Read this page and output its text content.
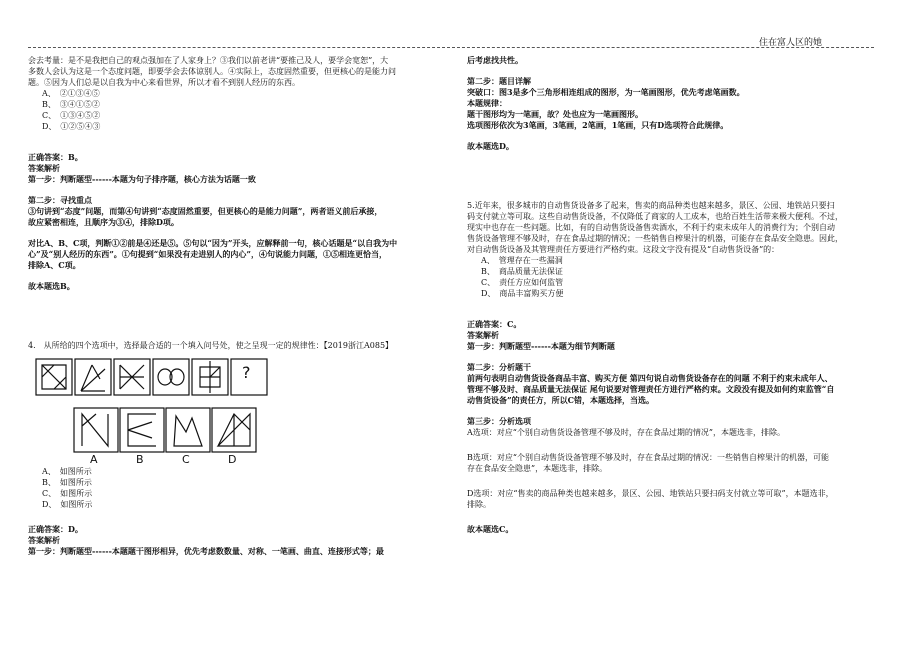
住在富人区的她

会去考量：是不是我把自己的观点强加在了人家身上？③我们以前老讲“要推己及人，要学会宽恕”，大

多数人会认为这是一个态度问题，即要学会去体谅别人。④实际上，态度固然重要，但更核心的是能力问

题。⑤因为人们总是以自我为中心来看世界，所以才看不到别人经历的东西。

A、　②①③④⑤

B、　③④①⑤②

C、　①③④⑤②

D、　①②⑤④③

正确答案：B。

答案解析

第一步：判断题型------本题为句子排序题，核心方法为话题一致

第二步：寻找重点

③句讲到“态度”问题，而第④句讲到“态度固然重要，但更核心的是能力问题”，两者语义前后承接，

故应紧密相连，且顺序为③④，排除D项。

对比A、B、C项，判断①②前是④还是⑤。⑤句以“因为”开头，应解释前一句，核心话题是“以自我为中

心”及“别人经历的东西”。①句提到“如果没有走进别人的内心”，④句说能力问题，①⑤相连更恰当，

排除A、C项。

故本题选B。

4.　从所给的四个选项中，选择最合适的一个填入问号处，使之呈现一定的规律性：【2019浙江A085】

?
A	B	C	D

A、　如图所示

B、　如图所示

C、　如图所示

D、　如图所示

正确答案：D。

答案解析

第一步：判断题型------本题题干图形相异，优先考虑数数量、对称、一笔画、曲直、连接形式等；最

后考虑找共性。

第二步：题目详解

突破口：图3是多个三角形相连组成的图形，为一笔画图形，优先考虑笔画数。

本题规律：

题干图形均为一笔画，故？处也应为一笔画图形。

选项图形依次为3笔画，3笔画，2笔画，1笔画，只有D选项符合此规律。

故本题选D。

5.近年来，很多城市的自动售货设备多了起来，售卖的商品种类也越来越多，景区、公园、地铁站只要扫

码支付就立等可取。这些自动售货设备，不仅降低了商家的人工成本，也给百姓生活带来极大便利。不过，

现实中也存在一些问题。比如，有的自动售货设备售卖酒水，不利于约束未成年人的消费行为；个别自动

售货设备管理不够及时，存在食品过期的情况；一些销售自榨果汁的机器，可能存在食品安全隐患。因此，

对自动售货设备及其管理责任方要进行严格约束。这段文字没有提及“自动售货设备”的：

A、　管理存在一些漏洞

B、　商品质量无法保证

C、　责任方应如何监管

D、　商品丰富购买方便

正确答案：C。

答案解析

第一步：判断题型------本题为细节判断题

第二步：分析题干

前两句表明自动售货设备商品丰富、购买方便 第四句说自动售货设备存在的问题 不利于约束未成年人、

管理不够及时、商品质量无法保证 尾句说要对管理责任方进行严格约束。文段没有提及如何约束监管“自

动售货设备”的责任方，所以C错，本题选择，当选。

第三步：分析选项

A选项：对应“个别自动售货设备管理不够及时，存在食品过期的情况”，本题选非，排除。

B选项：对应“个别自动售货设备管理不够及时，存在食品过期的情况：一些销售自榨果汁的机器，可能

存在食品安全隐患”，本题选非，排除。

D选项：对应“售卖的商品种类也越来越多，景区、公园、地铁站只要扫码支付就立等可取”，本题选非，

排除。

故本题选C。
